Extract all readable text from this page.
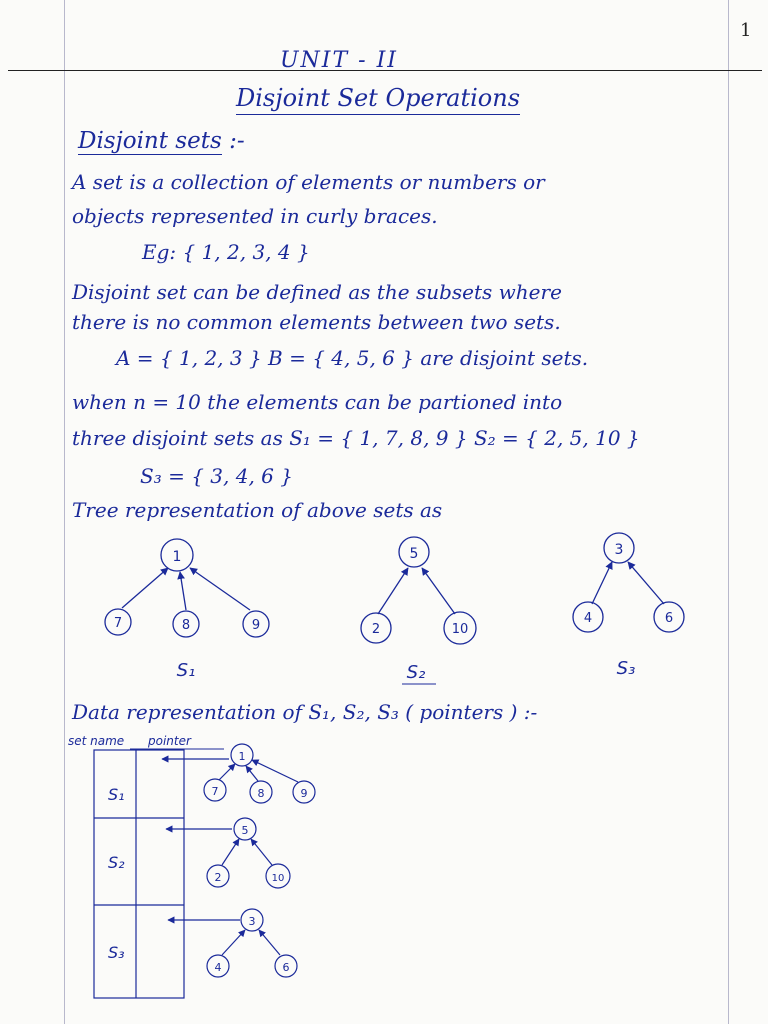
1
UNIT - II
Disjoint Set Operations
Disjoint sets :-
A set is a collection of elements or numbers or
objects represented in curly braces.
Eg: { 1, 2, 3, 4 }
Disjoint set can be defined as the subsets where
there is no common elements between two sets.
A = { 1, 2, 3 } B = { 4, 5, 6 } are disjoint sets.
when n = 10 the elements can be partioned into
three disjoint sets as S₁ = { 1, 7, 8, 9 } S₂ = { 2, 5, 10 }
S₃ = { 3, 4, 6 }
Tree representation of above sets as
1
7	8	9
S₁
5
2	10
S₂
3
4	6
S₃
set name pointer
S₁
S₂
S₃
1
7	8	9
5
2	10
3
4	6
Data representation of S₁, S₂, S₃ ( pointers ) :-
